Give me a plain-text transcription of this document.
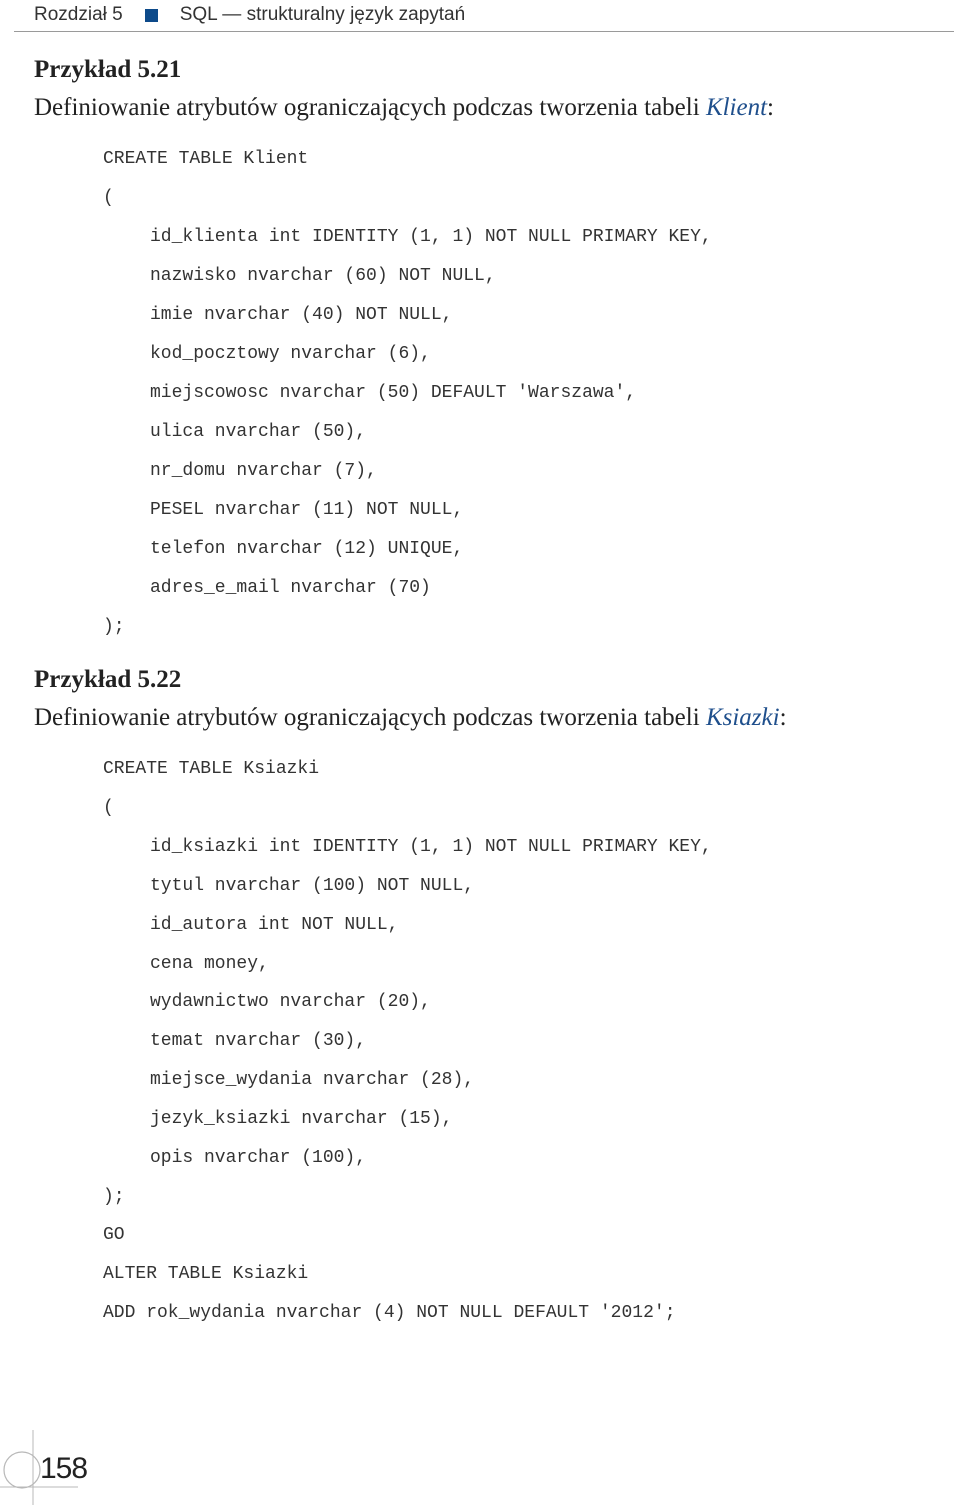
Rozdział 5	SQL — strukturalny język zapytań
Przykład 5.21
Definiowanie atrybutów ograniczających podczas tworzenia tabeli Klient:
CREATE TABLE Klient
(
id_klienta int IDENTITY (1, 1) NOT NULL PRIMARY KEY,
nazwisko nvarchar (60) NOT NULL,
imie nvarchar (40) NOT NULL,
kod_pocztowy nvarchar (6),
miejscowosc nvarchar (50) DEFAULT 'Warszawa',
ulica nvarchar (50),
nr_domu nvarchar (7),
PESEL nvarchar (11) NOT NULL,
telefon nvarchar (12) UNIQUE,
adres_e_mail nvarchar (70)
);
Przykład 5.22
Definiowanie atrybutów ograniczających podczas tworzenia tabeli Ksiazki:
CREATE TABLE Ksiazki
(
id_ksiazki int IDENTITY (1, 1) NOT NULL PRIMARY KEY,
tytul nvarchar (100) NOT NULL,
id_autora int NOT NULL,
cena money,
wydawnictwo nvarchar (20),
temat nvarchar (30),
miejsce_wydania nvarchar (28),
jezyk_ksiazki nvarchar (15),
opis nvarchar (100),
);
GO
ALTER TABLE Ksiazki
ADD rok_wydania nvarchar (4) NOT NULL DEFAULT '2012';
158
